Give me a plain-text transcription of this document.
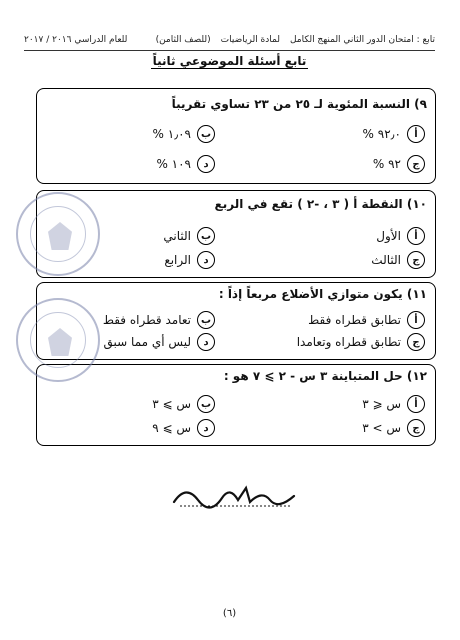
تابع : امتحان الدور الثاني المنهج الكامل
لمادة الرياضيات
(للصف الثامن)
للعام الدراسي ٢٠١٦ / ٢٠١٧
تابع أسئلة الموضوعي ثانياً
٩) النسبة المئوية لـ ٢٥ من ٢٣ تساوي تقريباً
أ
٩٢٫٠ %
ب
١٫٠٩ %
ج
٩٢ %
د
١٠٩ %
١٠) النقطة أ ( ٣ ، -٢ ) تقع في الربع
أ
الأول
ب
الثاني
ج
الثالث
د
الرابع
١١) يكون متوازي الأضلاع مربعاً إذاً :
أ
تطابق قطراه فقط
ب
تعامد قطراه فقط
ج
تطابق قطراه وتعامدا
د
ليس أي مما سبق
١٢) حل المتباينة ٣ س - ٢ ⩾ ٧ هو :
أ
س ⩽ ٣
ب
س ⩾ ٣
ج
س > ٣
د
س ⩾ ٩
(٦)
